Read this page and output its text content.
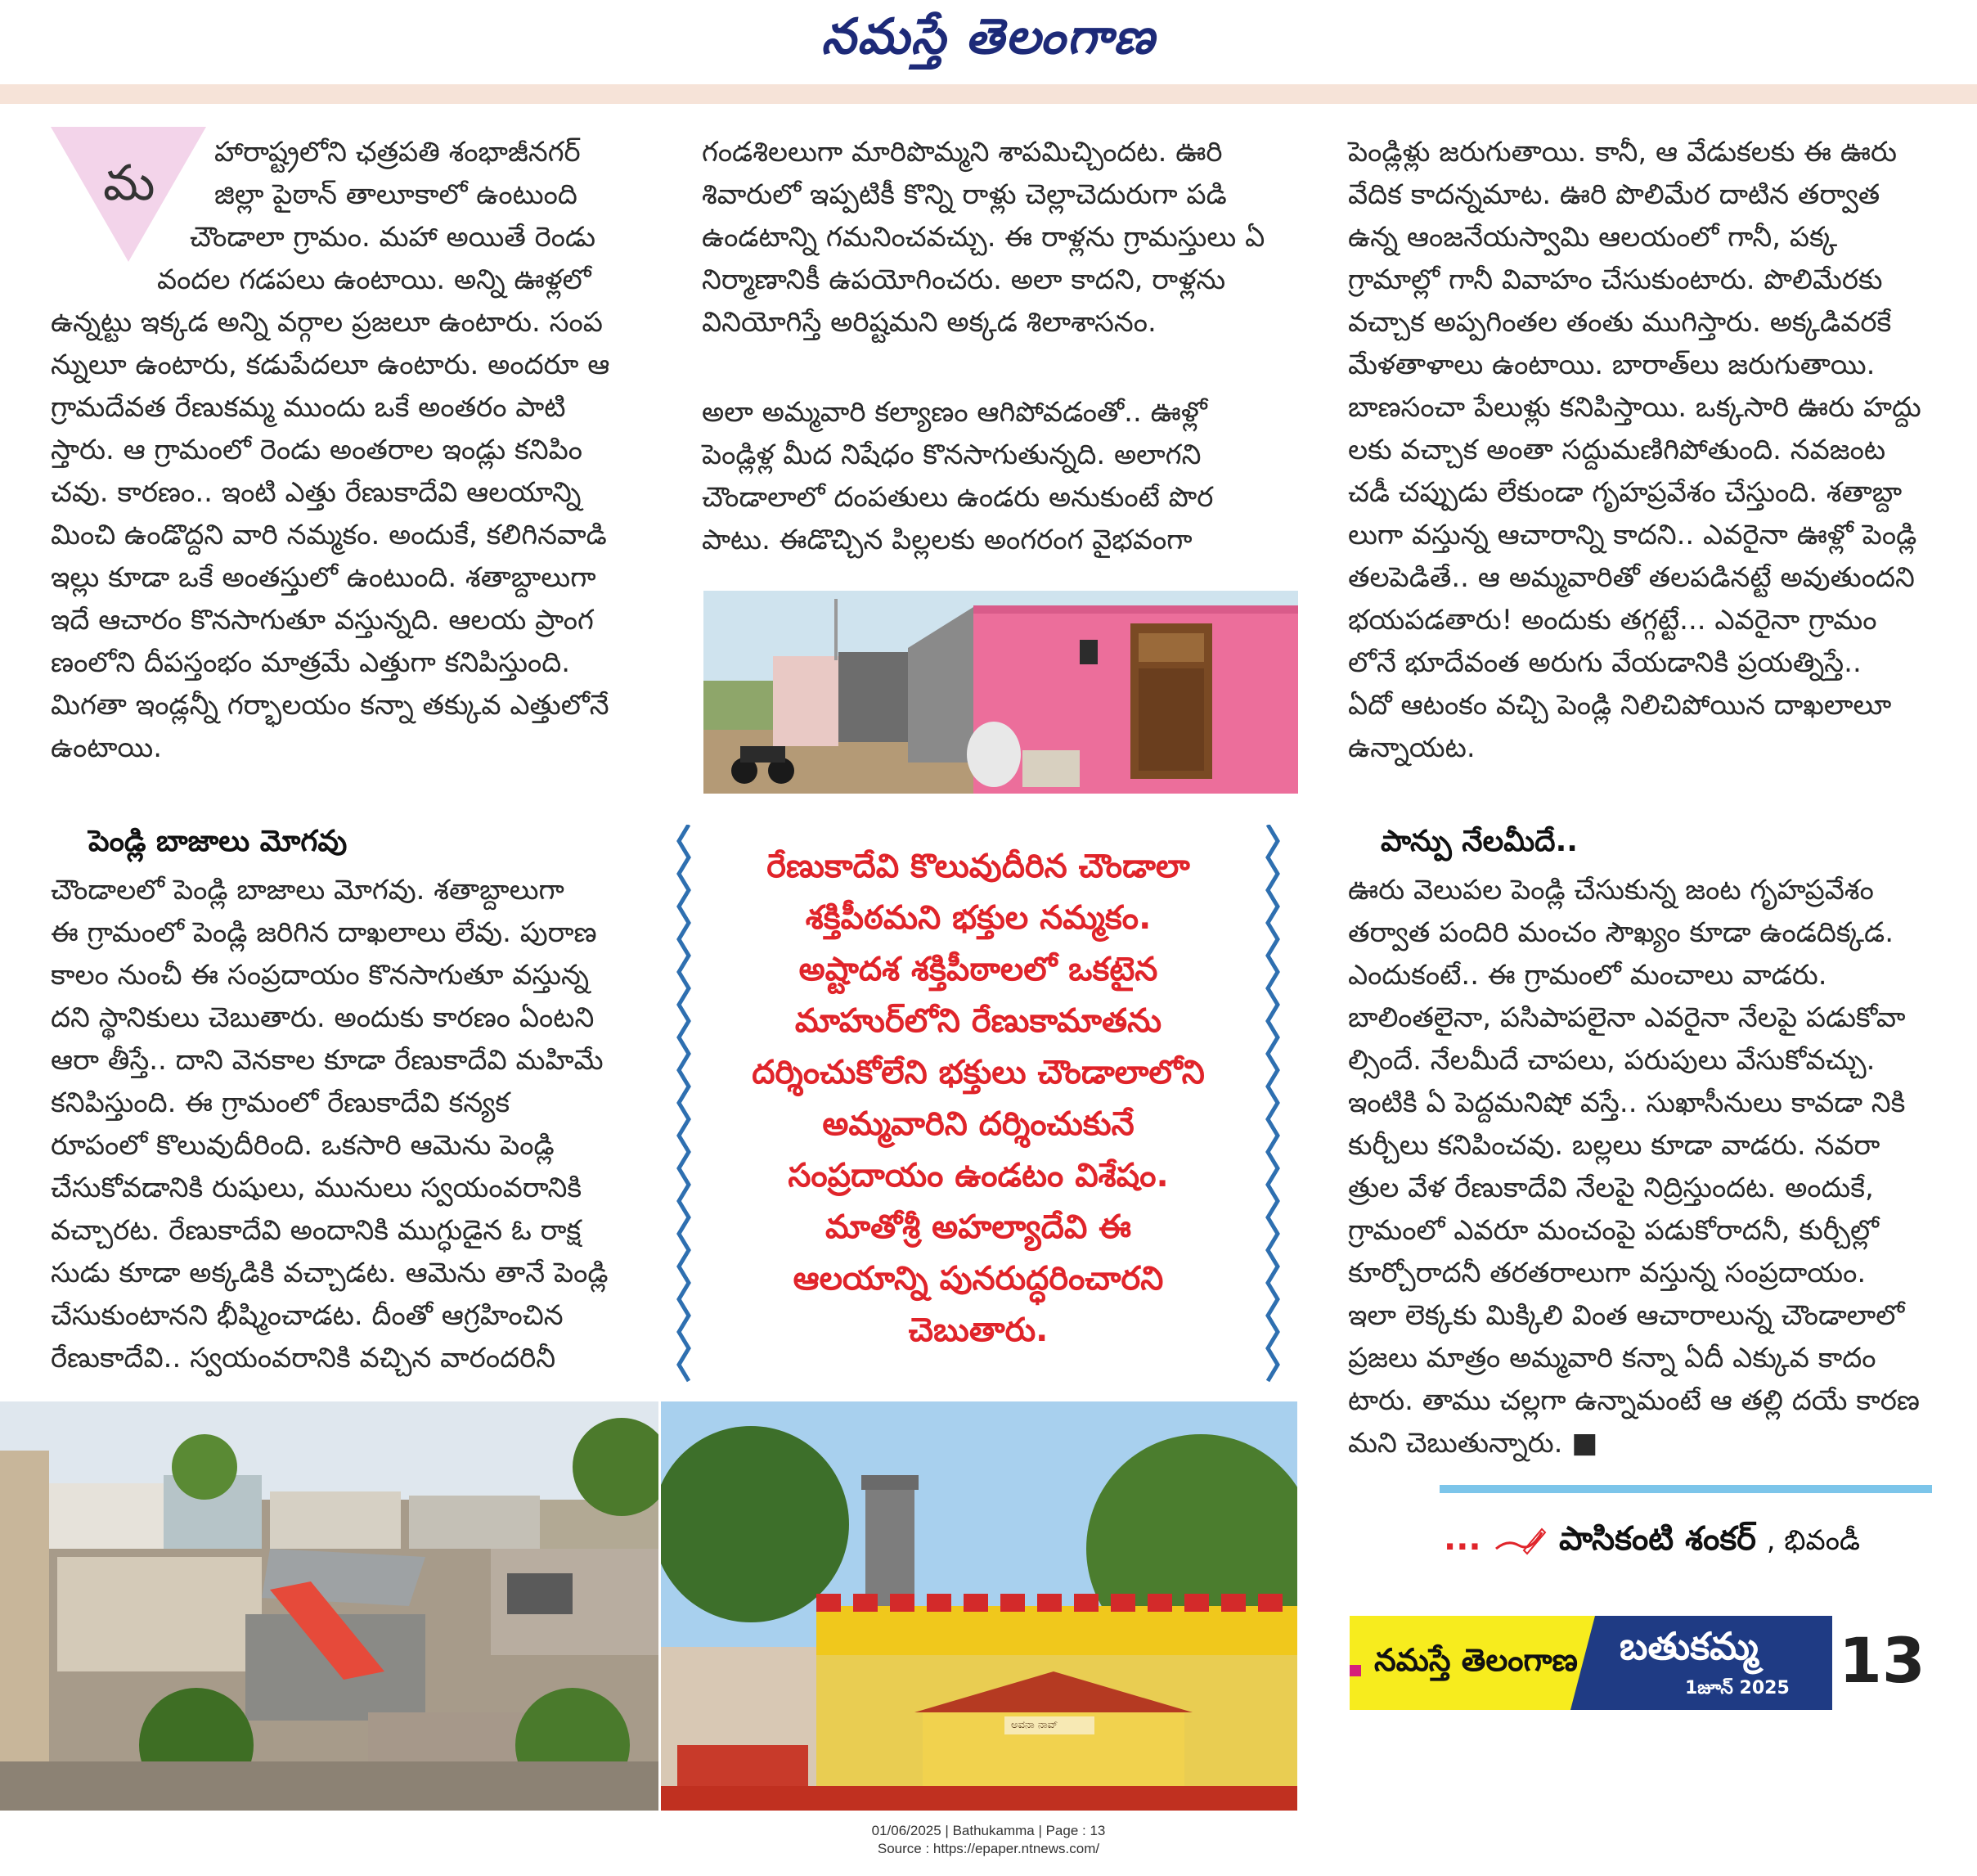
నమస్తే తెలంగాణ
మ

హారాష్ట్రలోని ఛత్రపతి శంభాజీనగర్

జిల్లా పైఠాన్ తాలూకాలో ఉంటుంది

చౌండాలా గ్రామం. మహా అయితే రెండు

వందల గడపలు ఉంటాయి. అన్ని ఊళ్లలో

ఉన్నట్టు ఇక్కడ అన్ని వర్గాల ప్రజలూ ఉంటారు. సంప

న్నులూ ఉంటారు, కడుపేదలూ ఉంటారు. అందరూ ఆ

గ్రామదేవత రేణుకమ్మ ముందు ఒకే అంతరం పాటి

స్తారు. ఆ గ్రామంలో రెండు అంతరాల ఇండ్లు కనిపిం

చవు. కారణం.. ఇంటి ఎత్తు రేణుకాదేవి ఆలయాన్ని

మించి ఉండొద్దని వారి నమ్మకం. అందుకే, కలిగినవాడి

ఇల్లు కూడా ఒకే అంతస్తులో ఉంటుంది. శతాబ్దాలుగా

ఇదే ఆచారం కొనసాగుతూ వస్తున్నది. ఆలయ ప్రాంగ

ణంలోని దీపస్తంభం మాత్రమే ఎత్తుగా కనిపిస్తుంది.

మిగతా ఇండ్లన్నీ గర్భాలయం కన్నా తక్కువ ఎత్తులోనే

ఉంటాయి.

పెండ్లి బాజాలు మోగవు

చౌండాలలో పెండ్లి బాజాలు మోగవు. శతాబ్దాలుగా

ఈ గ్రామంలో పెండ్లి జరిగిన దాఖలాలు లేవు. పురాణ

కాలం నుంచీ ఈ సంప్రదాయం కొనసాగుతూ వస్తున్న

దని స్థానికులు చెబుతారు. అందుకు కారణం ఏంటని

ఆరా తీస్తే.. దాని వెనకాల కూడా రేణుకాదేవి మహిమే

కనిపిస్తుంది. ఈ గ్రామంలో రేణుకాదేవి కన్యక

రూపంలో కొలువుదీరింది. ఒకసారి ఆమెను పెండ్లి

చేసుకోవడానికి రుషులు, మునులు స్వయంవరానికి

వచ్చారట. రేణుకాదేవి అందానికి ముగ్ధుడైన ఓ రాక్ష

సుడు కూడా అక్కడికి వచ్చాడట. ఆమెను తానే పెండ్లి

చేసుకుంటానని భీష్మించాడట. దీంతో ఆగ్రహించిన

రేణుకాదేవి.. స్వయంవరానికి వచ్చిన వారందరినీ

గండశిలలుగా మారిపొమ్మని శాపమిచ్చిందట. ఊరి

శివారులో ఇప్పటికీ కొన్ని రాళ్లు చెల్లాచెదురుగా పడి

ఉండటాన్ని గమనించవచ్చు. ఈ రాళ్లను గ్రామస్తులు ఏ

నిర్మాణానికీ ఉపయోగించరు. అలా కాదని, రాళ్లను

వినియోగిస్తే అరిష్టమని అక్కడ శిలాశాసనం.

అలా అమ్మవారి కల్యాణం ఆగిపోవడంతో.. ఊళ్లో

పెండ్లిళ్ల మీద నిషేధం కొనసాగుతున్నది. అలాగని

చౌండాలాలో దంపతులు ఉండరు అనుకుంటే పొర

పాటు. ఈడొచ్చిన పిల్లలకు అంగరంగ వైభవంగా

పెండ్లిళ్లు జరుగుతాయి. కానీ, ఆ వేడుకలకు ఈ ఊరు

వేదిక కాదన్నమాట. ఊరి పొలిమేర దాటిన తర్వాత

ఉన్న ఆంజనేయస్వామి ఆలయంలో గానీ, పక్క

గ్రామాల్లో గానీ వివాహం చేసుకుంటారు. పొలిమేరకు

వచ్చాక అప్పగింతల తంతు ముగిస్తారు. అక్కడివరకే

మేళతాళాలు ఉంటాయి. బారాత్‌లు జరుగుతాయి.

బాణసంచా పేలుళ్లు కనిపిస్తాయి. ఒక్కసారి ఊరు హద్దు

లకు వచ్చాక అంతా సద్దుమణిగిపోతుంది. నవజంట

చడీ చప్పుడు లేకుండా గృహప్రవేశం చేస్తుంది. శతాబ్దా

లుగా వస్తున్న ఆచారాన్ని కాదని.. ఎవరైనా ఊళ్లో పెండ్లి

తలపెడితే.. ఆ అమ్మవారితో తలపడినట్టే అవుతుందని

భయపడతారు! అందుకు తగ్గట్టే... ఎవరైనా గ్రామం

లోనే భూదేవంత అరుగు వేయడానికి ప్రయత్నిస్తే..

ఏదో ఆటంకం వచ్చి పెండ్లి నిలిచిపోయిన దాఖలాలూ

ఉన్నాయట.

పాన్పు నేలమీదే..

ఊరు వెలుపల పెండ్లి చేసుకున్న జంట గృహప్రవేశం

తర్వాత పందిరి మంచం సౌఖ్యం కూడా ఉండదిక్కడ.

ఎందుకంటే.. ఈ గ్రామంలో మంచాలు వాడరు.

బాలింతలైనా, పసిపాపలైనా ఎవరైనా నేలపై పడుకోవా

ల్సిందే. నేలమీదే చాపలు, పరుపులు వేసుకోవచ్చు.

ఇంటికి ఏ పెద్దమనిషో వస్తే.. సుఖాసీనులు కావడా నికి

కుర్చీలు కనిపించవు. బల్లలు కూడా వాడరు. నవరా

త్రుల వేళ రేణుకాదేవి నేలపై నిద్రిస్తుందట. అందుకే,

గ్రామంలో ఎవరూ మంచంపై పడుకోరాదనీ, కుర్చీల్లో

కూర్చోరాదనీ తరతరాలుగా వస్తున్న సంప్రదాయం.

ఇలా లెక్కకు మిక్కిలి వింత ఆచారాలున్న చౌండాలాలో

ప్రజలు మాత్రం అమ్మవారి కన్నా ఏదీ ఎక్కువ కాదం

టారు. తాము చల్లగా ఉన్నామంటే ఆ తల్లి దయే కారణ

మని చెబుతున్నారు. ■

రేణుకాదేవి కొలువుదీరిన చౌండాలా
శక్తిపీఠమని భక్తుల నమ్మకం.
అష్టాదశ శక్తిపీఠాలలో ఒకటైన
మాహుర్‌లోని రేణుకామాతను
దర్శించుకోలేని భక్తులు చౌండాలాలోని
అమ్మవారిని దర్శించుకునే
సంప్రదాయం ఉండటం విశేషం.
మాతోశ్రీ అహల్యాదేవి ఈ
ఆలయాన్ని పునరుద్ధరించారని
చెబుతారు.
ಅವನಾ ನಾವ್
... పాసికంటి శంకర్ , భివండీ
నమస్తే తెలంగాణ బతుకమ్మ
1జూన్ 2025 13
01/06/2025 | Bathukamma | Page : 13
Source : https://epaper.ntnews.com/
